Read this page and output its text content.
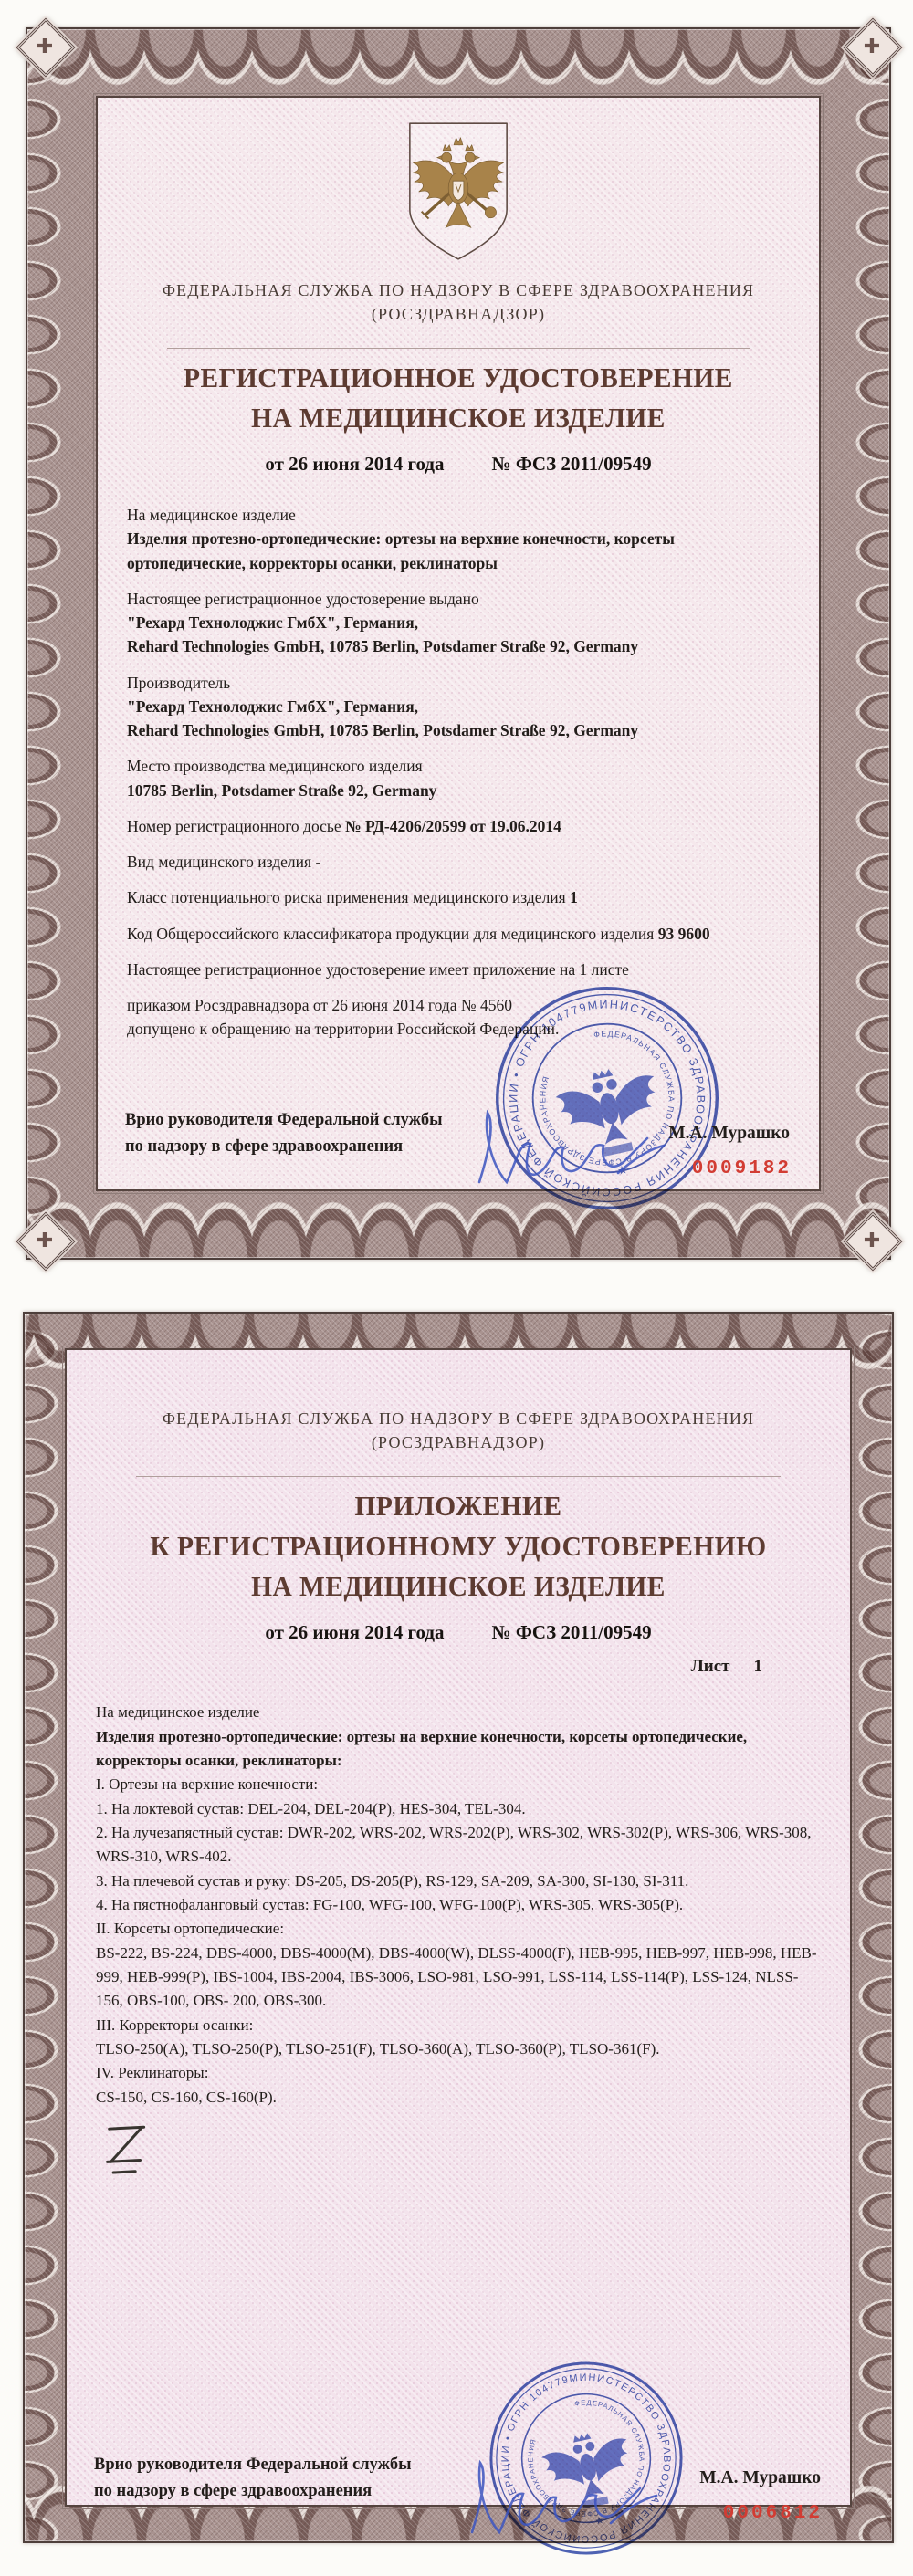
✚
✚
✚
✚
ФЕДЕРАЛЬНАЯ СЛУЖБА ПО НАДЗОРУ В СФЕРЕ ЗДРАВООХРАНЕНИЯ
(РОСЗДРАВНАДЗОР)
РЕГИСТРАЦИОННОЕ УДОСТОВЕРЕНИЕ
НА МЕДИЦИНСКОЕ ИЗДЕЛИЕ
от 26 июня 2014 года № ФСЗ 2011/09549

На медицинское изделие

Изделия протезно-ортопедические: ортезы на верхние конечности, корсеты ортопедические, корректоры осанки, реклинаторы

Настоящее регистрационное удостоверение выдано

"Рехард Технолоджис ГмбХ", Германия,

Rehard Technologies GmbH, 10785 Berlin, Potsdamer Straße 92, Germany

Производитель

"Рехард Технолоджис ГмбХ", Германия,

Rehard Technologies GmbH, 10785 Berlin, Potsdamer Straße 92, Germany

Место производства медицинского изделия

10785 Berlin, Potsdamer Straße 92, Germany

Номер регистрационного досье № РД-4206/20599 от 19.06.2014

Вид медицинского изделия -

Класс потенциального риска применения медицинского изделия 1

Код Общероссийского классификатора продукции для медицинского изделия 93 9600

Настоящее регистрационное удостоверение имеет приложение на 1 листе

приказом Росздравнадзора от 26 июня 2014 года № 4560

допущено к обращению на территории Российской Федерации.

Врио руководителя Федеральной службы
по надзору в сфере здравоохранения
М.А. Мурашко
0009182
ФЕДЕРАЛЬНАЯ СЛУЖБА ПО НАДЗОРУ В СФЕРЕ ЗДРАВООХРАНЕНИЯ
(РОСЗДРАВНАДЗОР)
ПРИЛОЖЕНИЕ
К РЕГИСТРАЦИОННОМУ УДОСТОВЕРЕНИЮ
НА МЕДИЦИНСКОЕ ИЗДЕЛИЕ
от 26 июня 2014 года № ФСЗ 2011/09549
Лист 1

На медицинское изделие

Изделия протезно-ортопедические: ортезы на верхние конечности, корсеты ортопедические, корректоры осанки, реклинаторы:

I. Ортезы на верхние конечности:

1. На локтевой сустав: DEL-204, DEL-204(P), HES-304, TEL-304.

2. На лучезапястный сустав: DWR-202, WRS-202, WRS-202(P), WRS-302, WRS-302(P), WRS-306, WRS-308, WRS-310, WRS-402.

3. На плечевой сустав и руку: DS-205, DS-205(P), RS-129, SA-209, SA-300, SI-130, SI-311.

4. На пястнофаланговый сустав: FG-100, WFG-100, WFG-100(P), WRS-305, WRS-305(P).

II. Корсеты ортопедические:

BS-222, BS-224, DBS-4000, DBS-4000(M), DBS-4000(W), DLSS-4000(F), HEB-995, HEB-997, HEB-998, HEB-999, HEB-999(P), IBS-1004, IBS-2004, IBS-3006, LSO-981, LSO-991, LSS-114, LSS-114(P), LSS-124, NLSS-156, OBS-100, OBS- 200, OBS-300.

III. Корректоры осанки:

TLSO-250(A), TLSO-250(P), TLSO-251(F), TLSO-360(A), TLSO-360(P), TLSO-361(F).

IV. Реклинаторы:

CS-150, CS-160, CS-160(P).

Врио руководителя Федеральной службы
по надзору в сфере здравоохранения
М.А. Мурашко
0006812
